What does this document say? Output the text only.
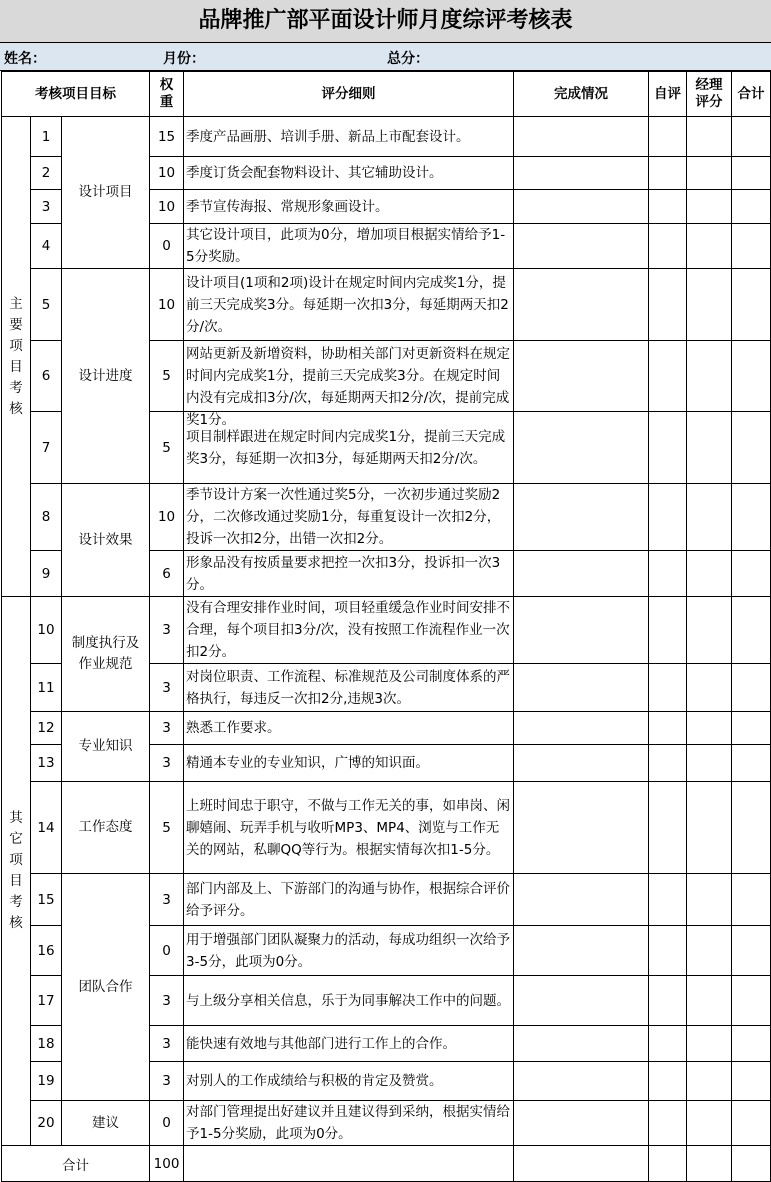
品牌推广部平面设计师月度综评考核表
姓名：	月份：	总分：
考核项目目标			权重	评分细则	完成情况	自评	经理评分	合计

主要项目考核	1	设计项目	15	季度产品画册、培训手册、新品上市配套设计。				
	2		10	季度订货会配套物料设计、其它辅助设计。				
	3		10	季节宣传海报、常规形象画设计。				
	4		0	其它设计项目，此项为0分，增加项目根据实情给予1-5分奖励。				
	5	设计进度	10	设计项目(1项和2项)设计在规定时间内完成奖1分，提前三天完成奖3分。每延期一次扣3分，每延期两天扣2分/次。				
	6		5	网站更新及新增资料，协助相关部门对更新资料在规定时间内完成奖1分，提前三天完成奖3分。在规定时间内没有完成扣3分/次，每延期两天扣2分/次，提前完成奖1分。				

	7		5	项目制样跟进在规定时间内完成奖1分，提前三天完成奖3分，每延期一次扣3分，每延期两天扣2分/次。				
	8	设计效果	10	季节设计方案一次性通过奖5分，一次初步通过奖励2分，二次修改通过奖励1分，每重复设计一次扣2分，投诉一次扣2分，出错一次扣2分。				
	9		6	形象品没有按质量要求把控一次扣3分，投诉扣一次3分。				

其它项目考核	10	制度执行及作业规范	3	没有合理安排作业时间，项目轻重缓急作业时间安排不合理，每个项目扣3分/次，没有按照工作流程作业一次扣2分。				
	11		3	对岗位职责、工作流程、标准规范及公司制度体系的严格执行，每违反一次扣2分,违规3次。				
	12	专业知识	3	熟悉工作要求。				
	13		3	精通本专业的专业知识，广博的知识面。				
	14	工作态度	5	上班时间忠于职守，不做与工作无关的事，如串岗、闲聊嬉闹、玩弄手机与收听MP3、MP4、浏览与工作无关的网站，私聊QQ等行为。根据实情每次扣1-5分。				
	15	团队合作	3	部门内部及上、下游部门的沟通与协作，根据综合评价给予评分。				
	16		0	用于增强部门团队凝聚力的活动，每成功组织一次给予3-5分，此项为0分。				
	17		3	与上级分享相关信息，乐于为同事解决工作中的问题。				
	18		3	能快速有效地与其他部门进行工作上的合作。				
	19		3	对别人的工作成绩给与积极的肯定及赞赏。				
	20	建议	0	对部门管理提出好建议并且建议得到采纳，根据实情给予1-5分奖励，此项为0分。				
合计			100					
